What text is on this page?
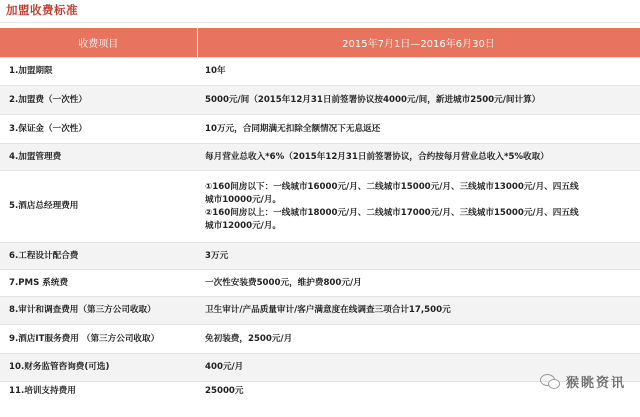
加盟收费标准
收费项目	2015年7月1日—2016年6月30日
1.加盟期限	10年

2.加盟费（一次性）	5000元/间（2015年12月31日前签署协议按4000元/间，新进城市2500元/间计算）

3.保证金（一次性）	10万元，合同期满无扣除全额情况下无息返还

4.加盟管理费	每月营业总收入*6%（2015年12月31日前签署协议，合约按每月营业总收入*5%收取）

5.酒店总经理费用	①160间房以下：一线城市16000元/月、二线城市15000元/月、三线城市13000元/月、四五线
城市10000元/月。
②160间房以上：一线城市18000元/月、二线城市17000元/月、三线城市15000元/月、四五线
城市12000元/月。

6.工程设计配合费	3万元

7.PMS 系统费	一次性安装费5000元，维护费800元/月

8.审计和调查费用（第三方公司收取）	卫生审计/产品质量审计/客户满意度在线调查三项合计17,500元

9.酒店IT服务费用 （第三方公司收取）	免初装费，2500元/月

10.财务监管咨询费(可选)	400元/月

11.培训支持费用	25000元
猴眺资讯
